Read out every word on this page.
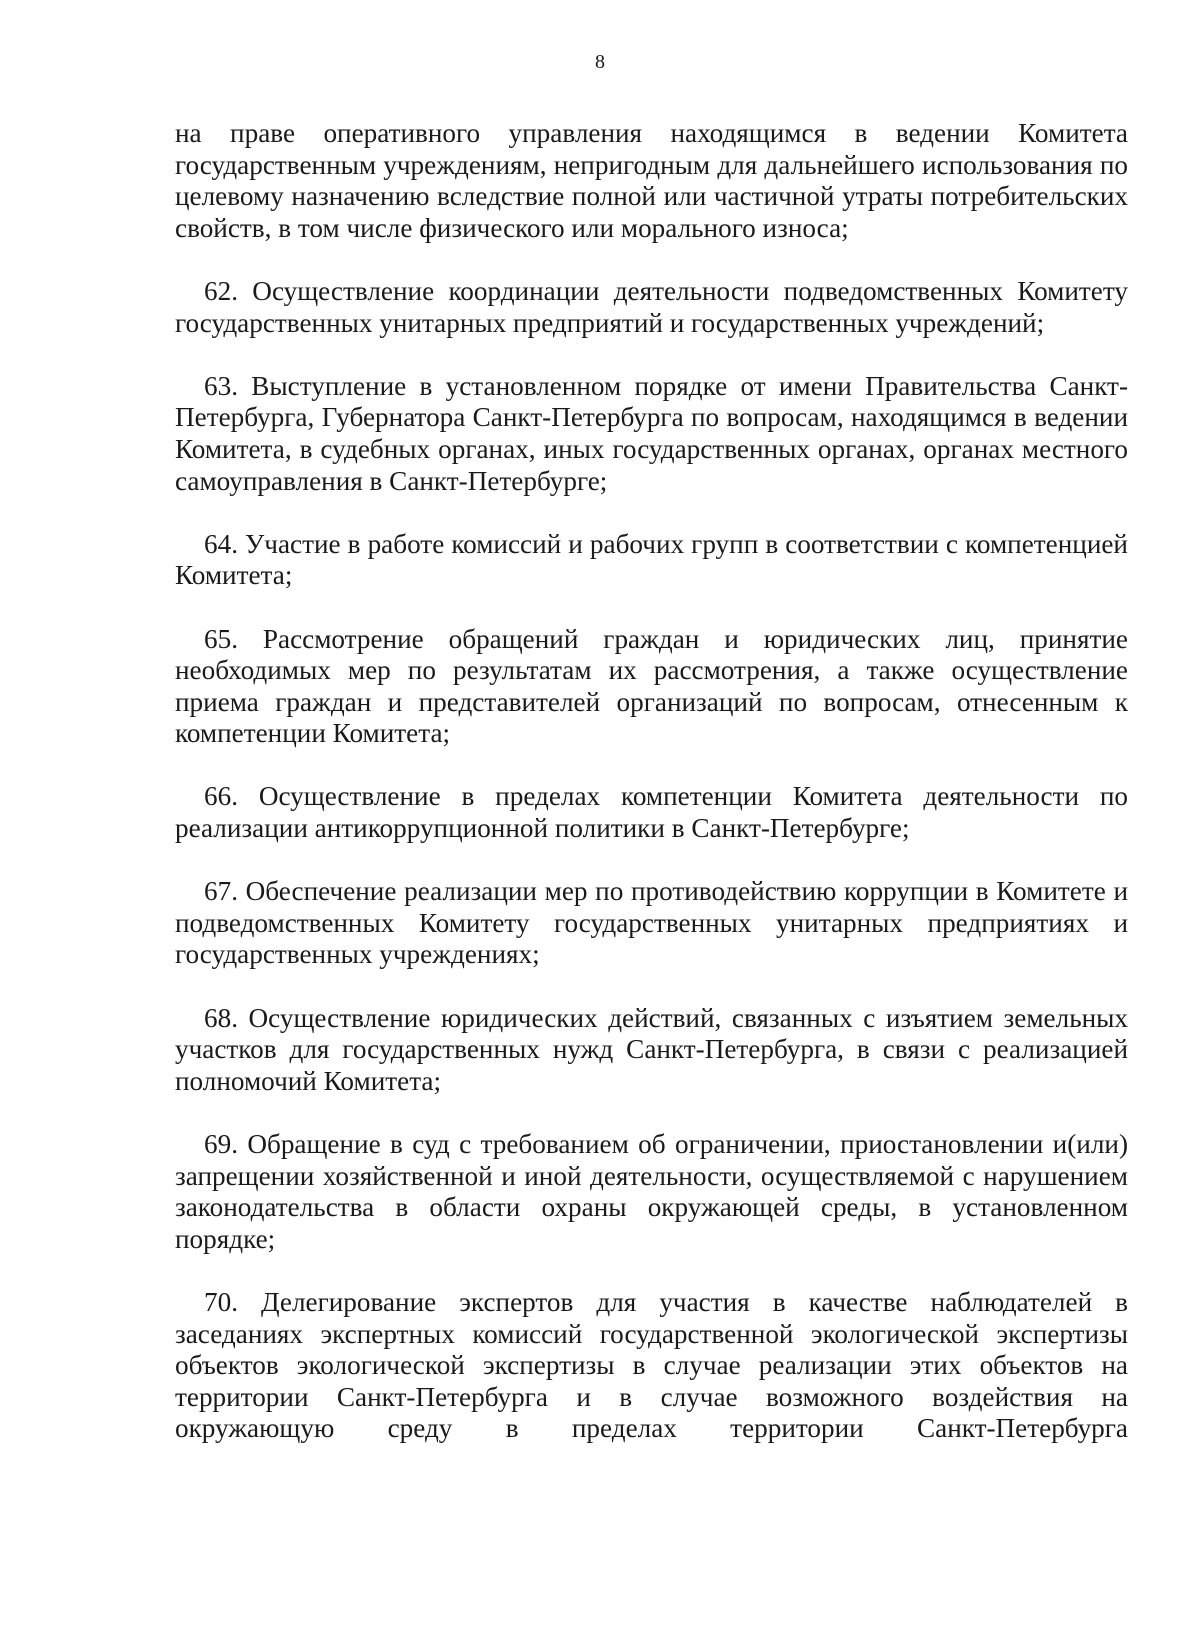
8

на праве оперативного управления находящимся в ведении Комитета государственным учреждениям, непригодным для дальнейшего использования по целевому назначению вследствие полной или частичной утраты потребительских свойств, в том числе физического или морального износа;

62. Осуществление координации деятельности подведомственных Комитету государственных унитарных предприятий и государственных учреждений;

63. Выступление в установленном порядке от имени Правительства Санкт-Петербурга, Губернатора Санкт-Петербурга по вопросам, находящимся в ведении Комитета, в судебных органах, иных государственных органах, органах местного самоуправления в Санкт-Петербурге;

64. Участие в работе комиссий и рабочих групп в соответствии с компетенцией Комитета;

65. Рассмотрение обращений граждан и юридических лиц, принятие необходимых мер по результатам их рассмотрения, а также осуществление приема граждан и представителей организаций по вопросам, отнесенным к компетенции Комитета;

66. Осуществление в пределах компетенции Комитета деятельности по реализации антикоррупционной политики в Санкт-Петербурге;

67. Обеспечение реализации мер по противодействию коррупции в Комитете и подведомственных Комитету государственных унитарных предприятиях и государственных учреждениях;

68. Осуществление юридических действий, связанных с изъятием земельных участков для государственных нужд Санкт-Петербурга, в связи с реализацией полномочий Комитета;

69. Обращение в суд с требованием об ограничении, приостановлении и(или) запрещении хозяйственной и иной деятельности, осуществляемой с нарушением законодательства в области охраны окружающей среды, в установленном порядке;

70. Делегирование экспертов для участия в качестве наблюдателей в заседаниях экспертных комиссий государственной экологической экспертизы объектов экологической экспертизы в случае реализации этих объектов на территории Санкт-Петербурга и в случае возможного воздействия на окружающую среду в пределах территории Санкт-Петербурга
